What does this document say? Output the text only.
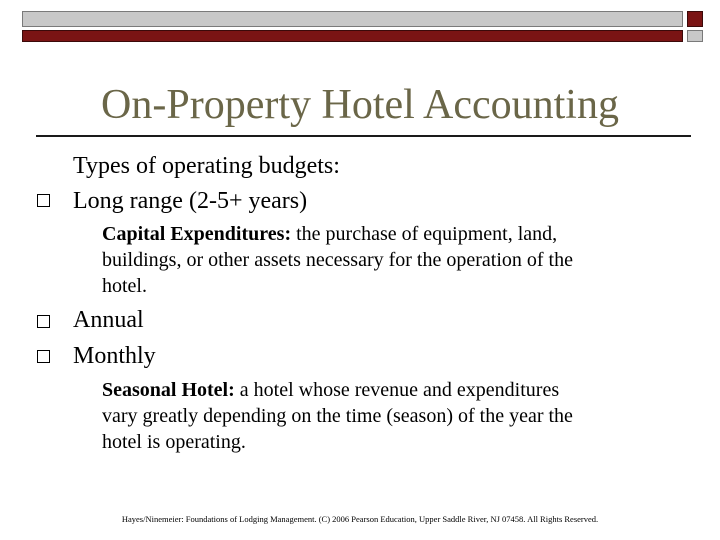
On-Property Hotel Accounting
Types of operating budgets:
Long range (2-5+ years)
Capital Expenditures: the purchase of equipment, land,
buildings, or other assets necessary for the operation of the
hotel.
Annual
Monthly
Seasonal Hotel: a hotel whose revenue and expenditures
vary greatly depending on the time (season) of the year the
hotel is operating.
Hayes/Ninemeier: Foundations of Lodging Management. (C) 2006 Pearson Education, Upper Saddle River, NJ 07458. All Rights Reserved.
